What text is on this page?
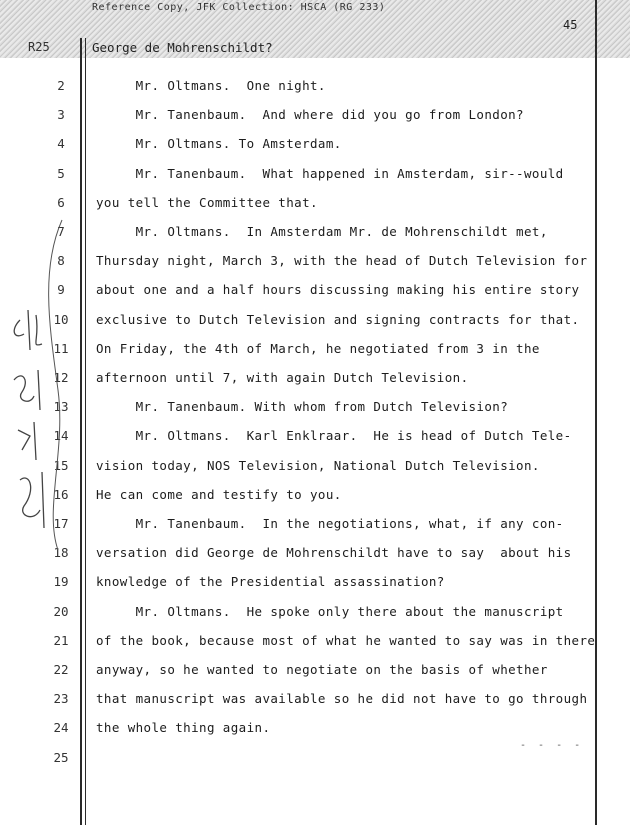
Reference Copy, JFK Collection: HSCA (RG 233)
45
R25	George de Mohrenschildt?
2
3
4
5
6
7
8
9
10
11
12
13
14
15
16
17
18
19
20
21
22
23
24
25
Mr. Oltmans.  One night.
Mr. Tanenbaum.  And where did you go from London?
Mr. Oltmans. To Amsterdam.
Mr. Tanenbaum.  What happened in Amsterdam, sir--would
you tell the Committee that.
Mr. Oltmans.  In Amsterdam Mr. de Mohrenschildt met,
Thursday night, March 3, with the head of Dutch Television for
about one and a half hours discussing making his entire story
exclusive to Dutch Television and signing contracts for that.
On Friday, the 4th of March, he negotiated from 3 in the
afternoon until 7, with again Dutch Television.
Mr. Tanenbaum. With whom from Dutch Television?
Mr. Oltmans.  Karl Enklraar.  He is head of Dutch Tele-
vision today, NOS Television, National Dutch Television.
He can come and testify to you.
Mr. Tanenbaum.  In the negotiations, what, if any con-
versation did George de Mohrenschildt have to say  about his
knowledge of the Presidential assassination?
Mr. Oltmans.  He spoke only there about the manuscript
of the book, because most of what he wanted to say was in there
anyway, so he wanted to negotiate on the basis of whether
that manuscript was available so he did not have to go through
the whole thing again.
- - - -
